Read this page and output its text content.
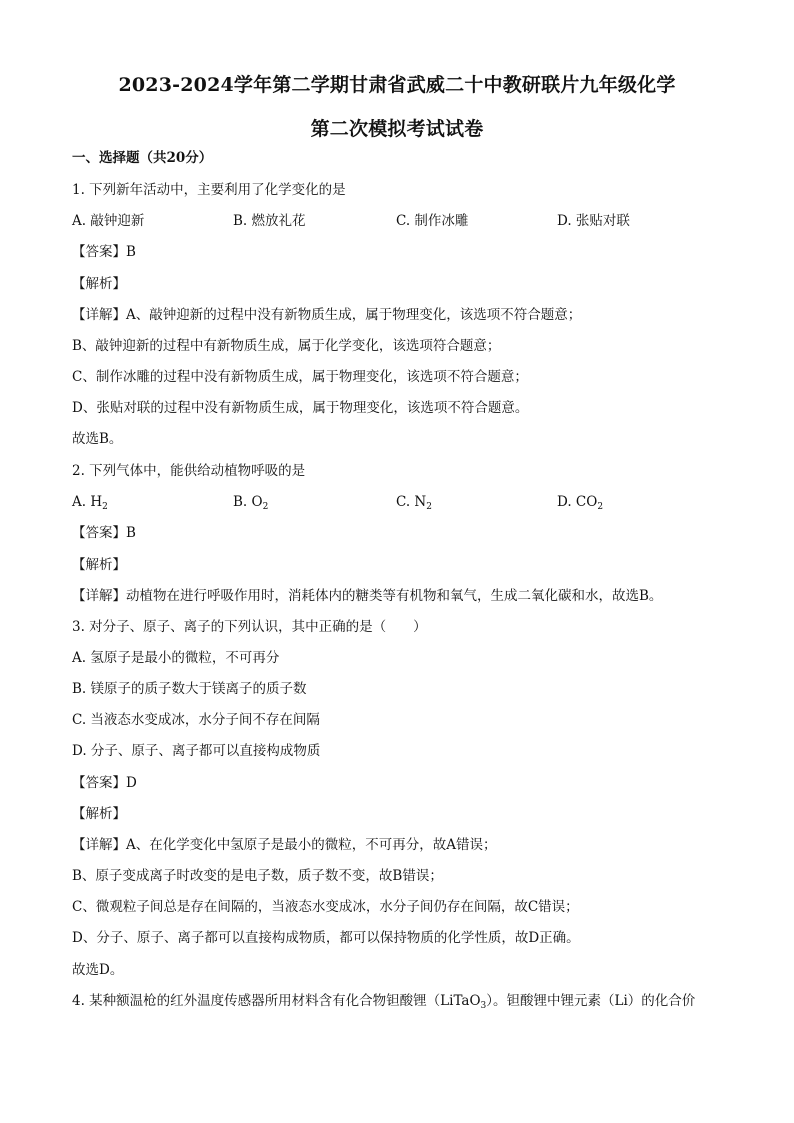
2023-2024学年第二学期甘肃省武威二十中教研联片九年级化学
第二次模拟考试试卷
一、选择题（共20分）
1. 下列新年活动中，主要利用了化学变化的是
A. 敲钟迎新	B. 燃放礼花	C. 制作冰雕	D. 张贴对联
【答案】B
【解析】
【详解】A、敲钟迎新的过程中没有新物质生成，属于物理变化，该选项不符合题意；
B、敲钟迎新的过程中有新物质生成，属于化学变化，该选项符合题意；
C、制作冰雕的过程中没有新物质生成，属于物理变化，该选项不符合题意；
D、张贴对联的过程中没有新物质生成，属于物理变化，该选项不符合题意。
故选B。
2. 下列气体中，能供给动植物呼吸的是
A. $H_2$	B. $O_2$	C. $N_2$	D. $CO_2$
【答案】B
【解析】
【详解】动植物在进行呼吸作用时，消耗体内的糖类等有机物和氧气，生成二氧化碳和水，故选B。
3. 对分子、原子、离子的下列认识，其中正确的是（　　）
A. 氢原子是最小的微粒，不可再分
B. 镁原子的质子数大于镁离子的质子数
C. 当液态水变成冰，水分子间不存在间隔
D. 分子、原子、离子都可以直接构成物质
【答案】D
【解析】
【详解】A、在化学变化中氢原子是最小的微粒，不可再分，故A错误；
B、原子变成离子时改变的是电子数，质子数不变，故B错误；
C、微观粒子间总是存在间隔的，当液态水变成冰，水分子间仍存在间隔，故C错误；
D、分子、原子、离子都可以直接构成物质，都可以保持物质的化学性质，故D正确。
故选D。
4. 某种额温枪的红外温度传感器所用材料含有化合物钽酸锂（LiTaO$_3$）。钽酸锂中锂元素（Li）的化合价
